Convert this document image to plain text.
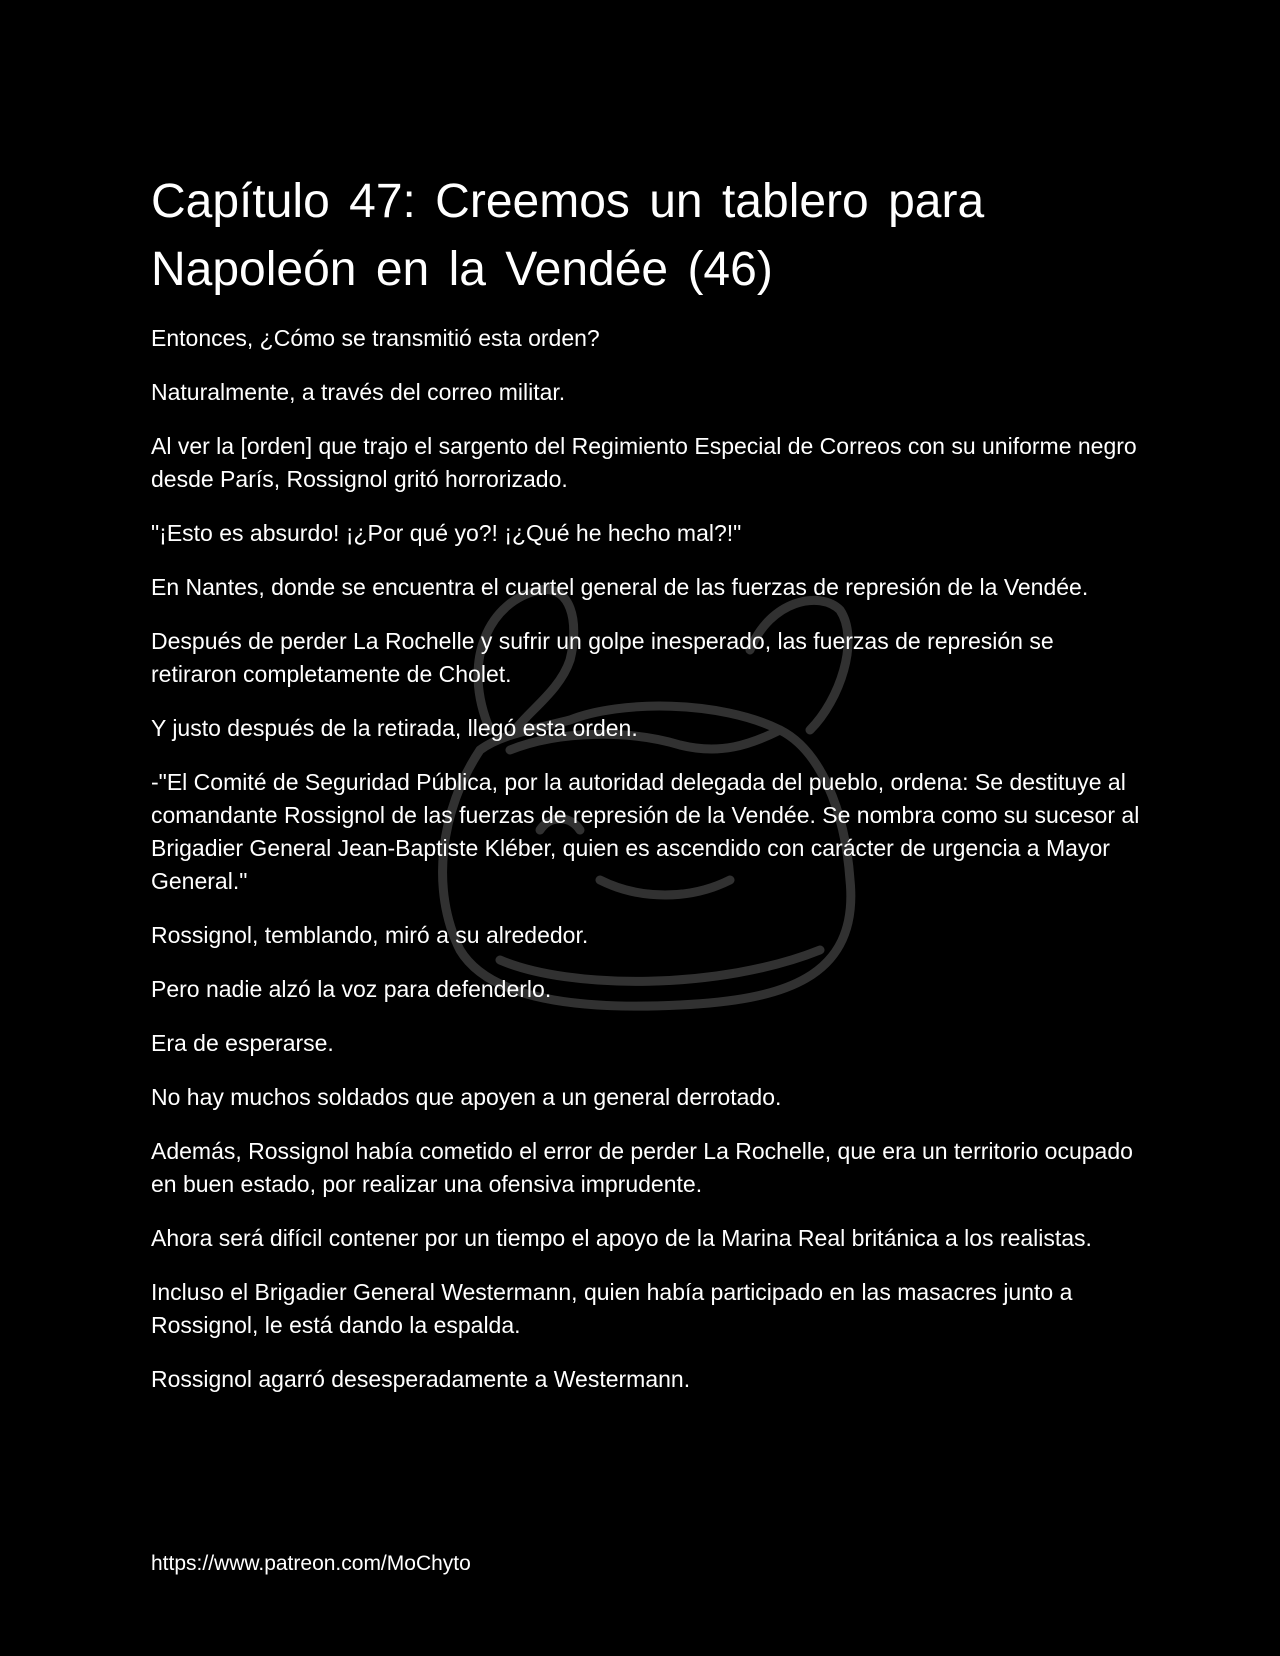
Capítulo 47: Creemos un tablero para
Napoleón en la Vendée (46)

Entonces, ¿Cómo se transmitió esta orden?

Naturalmente, a través del correo militar.

Al ver la [orden] que trajo el sargento del Regimiento Especial de Correos con su uniforme negro desde París, Rossignol gritó horrorizado.

"¡Esto es absurdo! ¡¿Por qué yo?! ¡¿Qué he hecho mal?!"

En Nantes, donde se encuentra el cuartel general de las fuerzas de represión de la Vendée.

Después de perder La Rochelle y sufrir un golpe inesperado, las fuerzas de represión se retiraron completamente de Cholet.

Y justo después de la retirada, llegó esta orden.

-"El Comité de Seguridad Pública, por la autoridad delegada del pueblo, ordena: Se destituye al comandante Rossignol de las fuerzas de represión de la Vendée. Se nombra como su sucesor al Brigadier General Jean-Baptiste Kléber, quien es ascendido con carácter de urgencia a Mayor General."

Rossignol, temblando, miró a su alrededor.

Pero nadie alzó la voz para defenderlo.

Era de esperarse.

No hay muchos soldados que apoyen a un general derrotado.

Además, Rossignol había cometido el error de perder La Rochelle, que era un territorio ocupado en buen estado, por realizar una ofensiva imprudente.

Ahora será difícil contener por un tiempo el apoyo de la Marina Real británica a los realistas.

Incluso el Brigadier General Westermann, quien había participado en las masacres junto a Rossignol, le está dando la espalda.

Rossignol agarró desesperadamente a Westermann.

https://www.patreon.com/MoChyto
